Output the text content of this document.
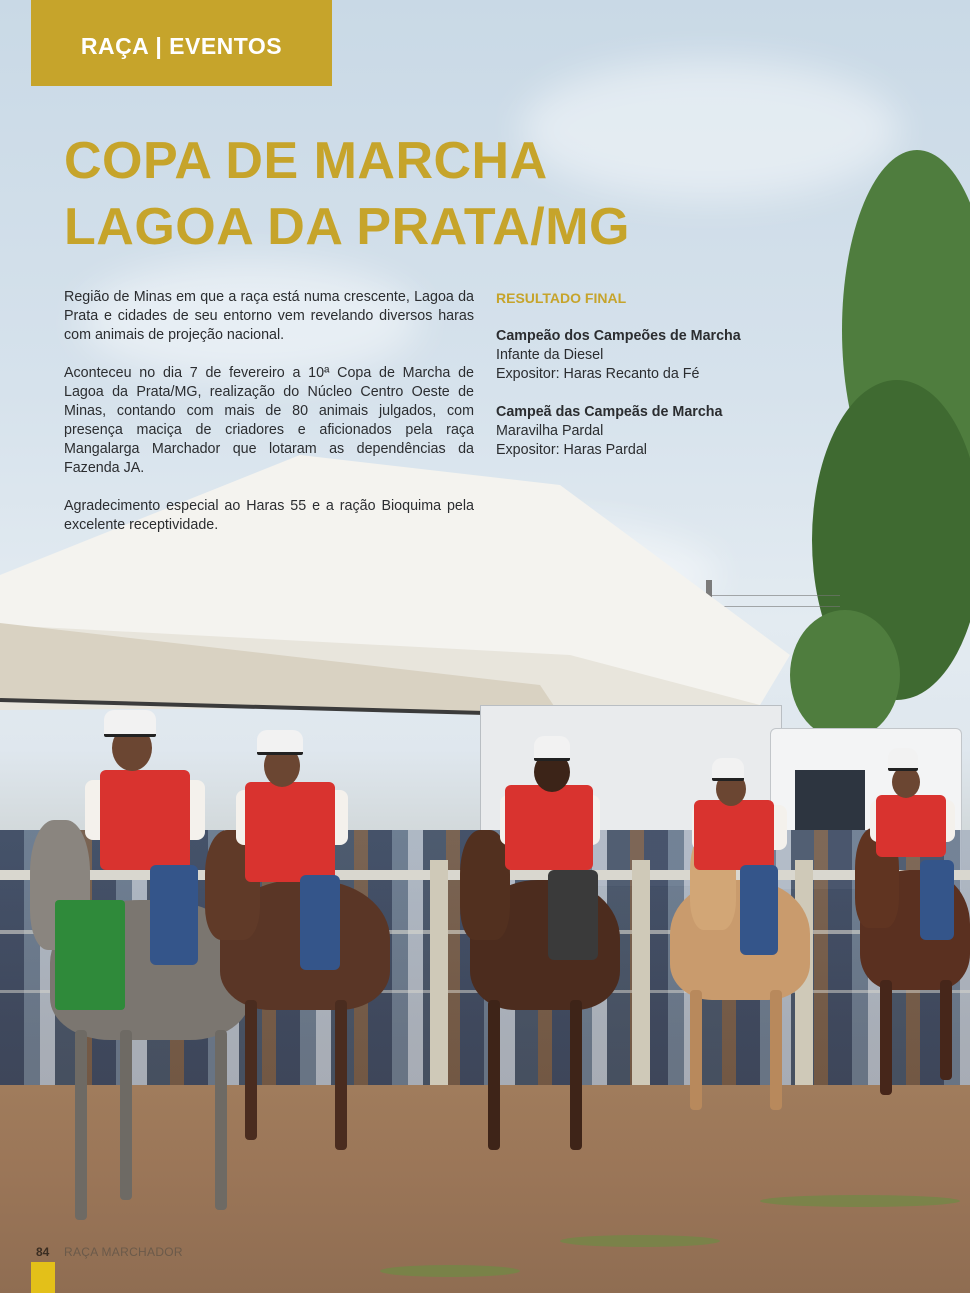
RAÇA | EVENTOS
COPA DE MARCHA
LAGOA DA PRATA/MG

Região de Minas em que a raça está numa crescente, Lagoa da Prata e cidades de seu entorno vem revelando diversos haras com animais de projeção nacional.

Aconteceu no dia 7 de fevereiro a 10ª Copa de Marcha de Lagoa da Prata/MG, realização do Núcleo Centro Oeste de Minas, contando com mais de 80 animais julgados, com presença maciça de criadores e aficionados pela raça Mangalarga Marchador que lotaram as dependências da Fazenda JA.

Agradecimento especial ao Haras 55 e a ração Bioquima pela excelente receptividade.

RESULTADO FINAL
Campeão dos Campeões de Marcha
Infante da Diesel
Expositor: Haras Recanto da Fé
Campeã das Campeãs de Marcha
Maravilha Pardal
Expositor: Haras Pardal
84 RAÇA MARCHADOR
